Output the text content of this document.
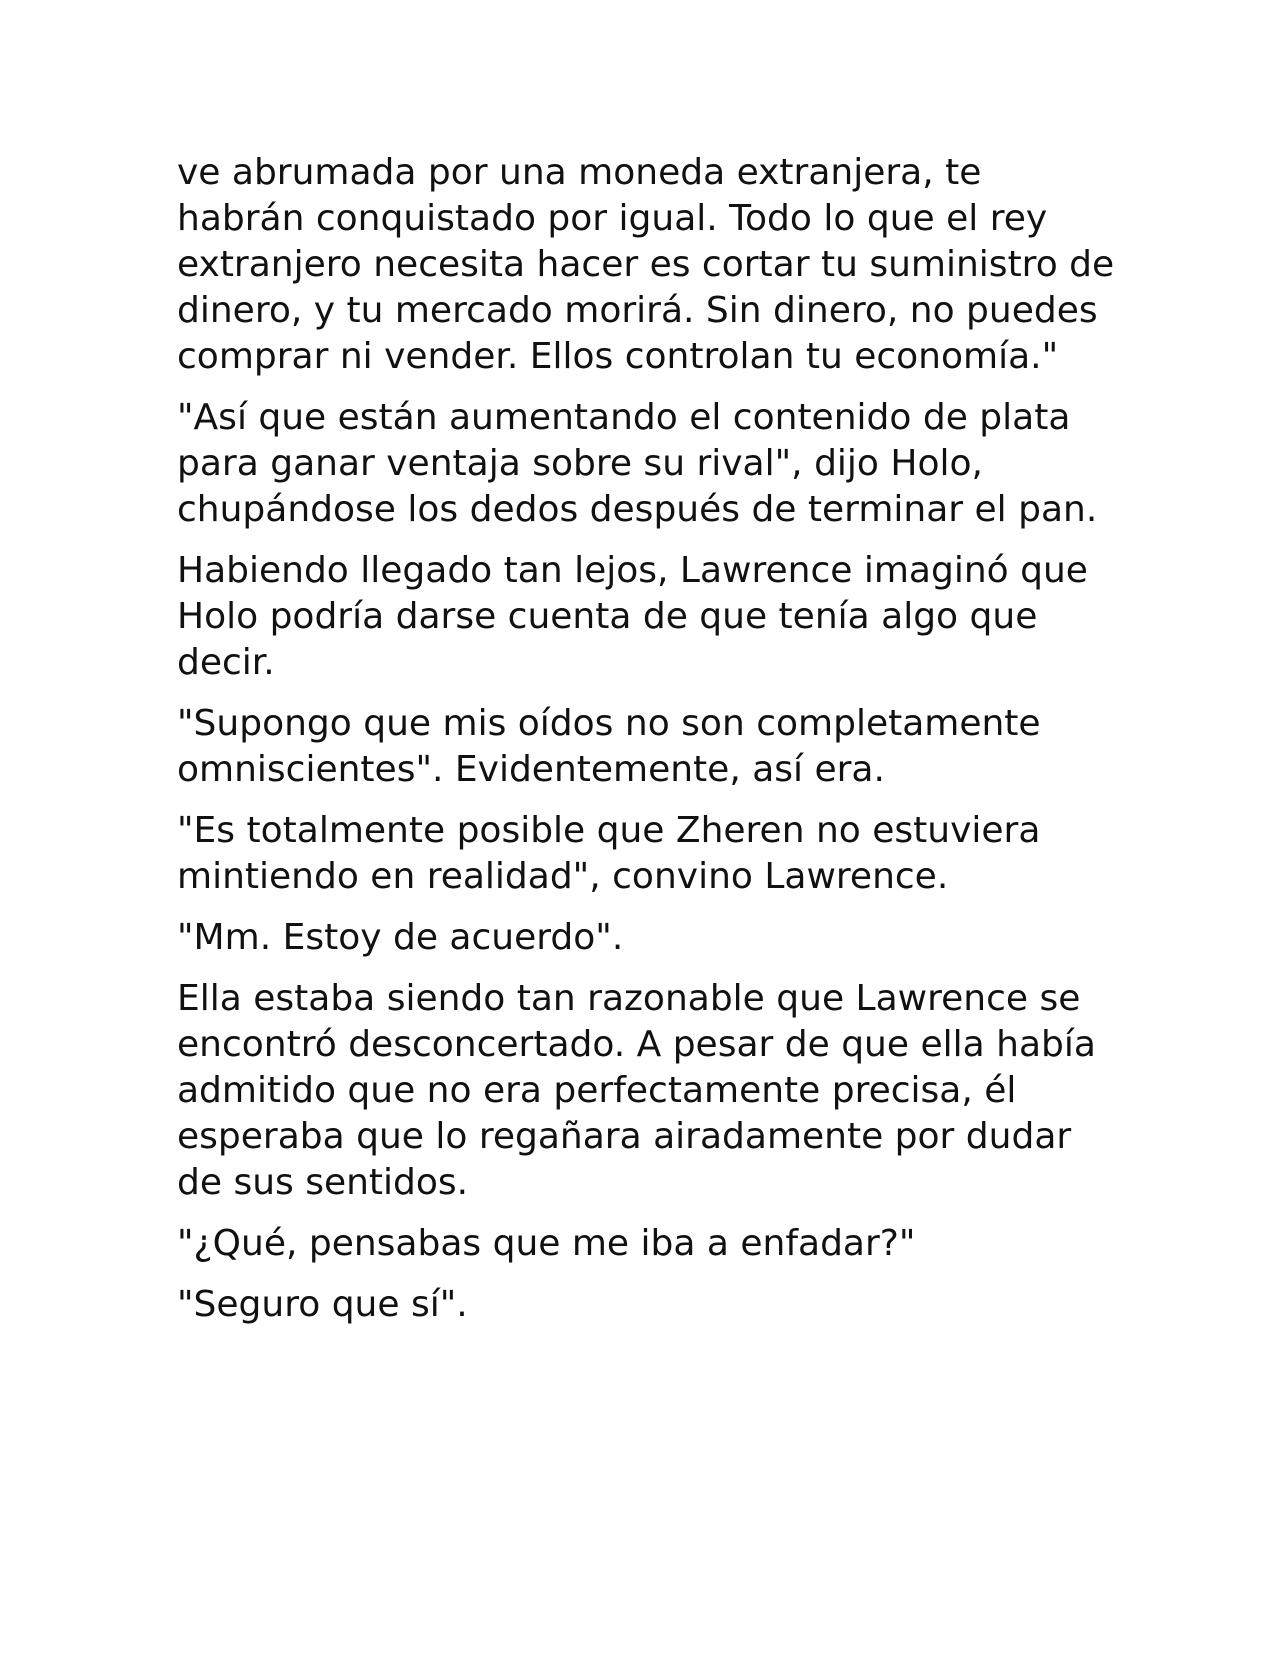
ve abrumada por una moneda extranjera, te habrán conquistado por igual. Todo lo que el rey extranjero necesita hacer es cortar tu suministro de dinero, y tu mercado morirá. Sin dinero, no puedes comprar ni vender. Ellos controlan tu economía."

"Así que están aumentando el contenido de plata para ganar ventaja sobre su rival", dijo Holo, chupándose los dedos después de terminar el pan.

Habiendo llegado tan lejos, Lawrence imaginó que Holo podría darse cuenta de que tenía algo que decir.

"Supongo que mis oídos no son completamente omniscientes". Evidentemente, así era.

"Es totalmente posible que Zheren no estuviera mintiendo en realidad", convino Lawrence.

"Mm. Estoy de acuerdo".

Ella estaba siendo tan razonable que Lawrence se encontró desconcertado. A pesar de que ella había admitido que no era perfectamente precisa, él esperaba que lo regañara airadamente por dudar de sus sentidos.

"¿Qué, pensabas que me iba a enfadar?"

"Seguro que sí".
